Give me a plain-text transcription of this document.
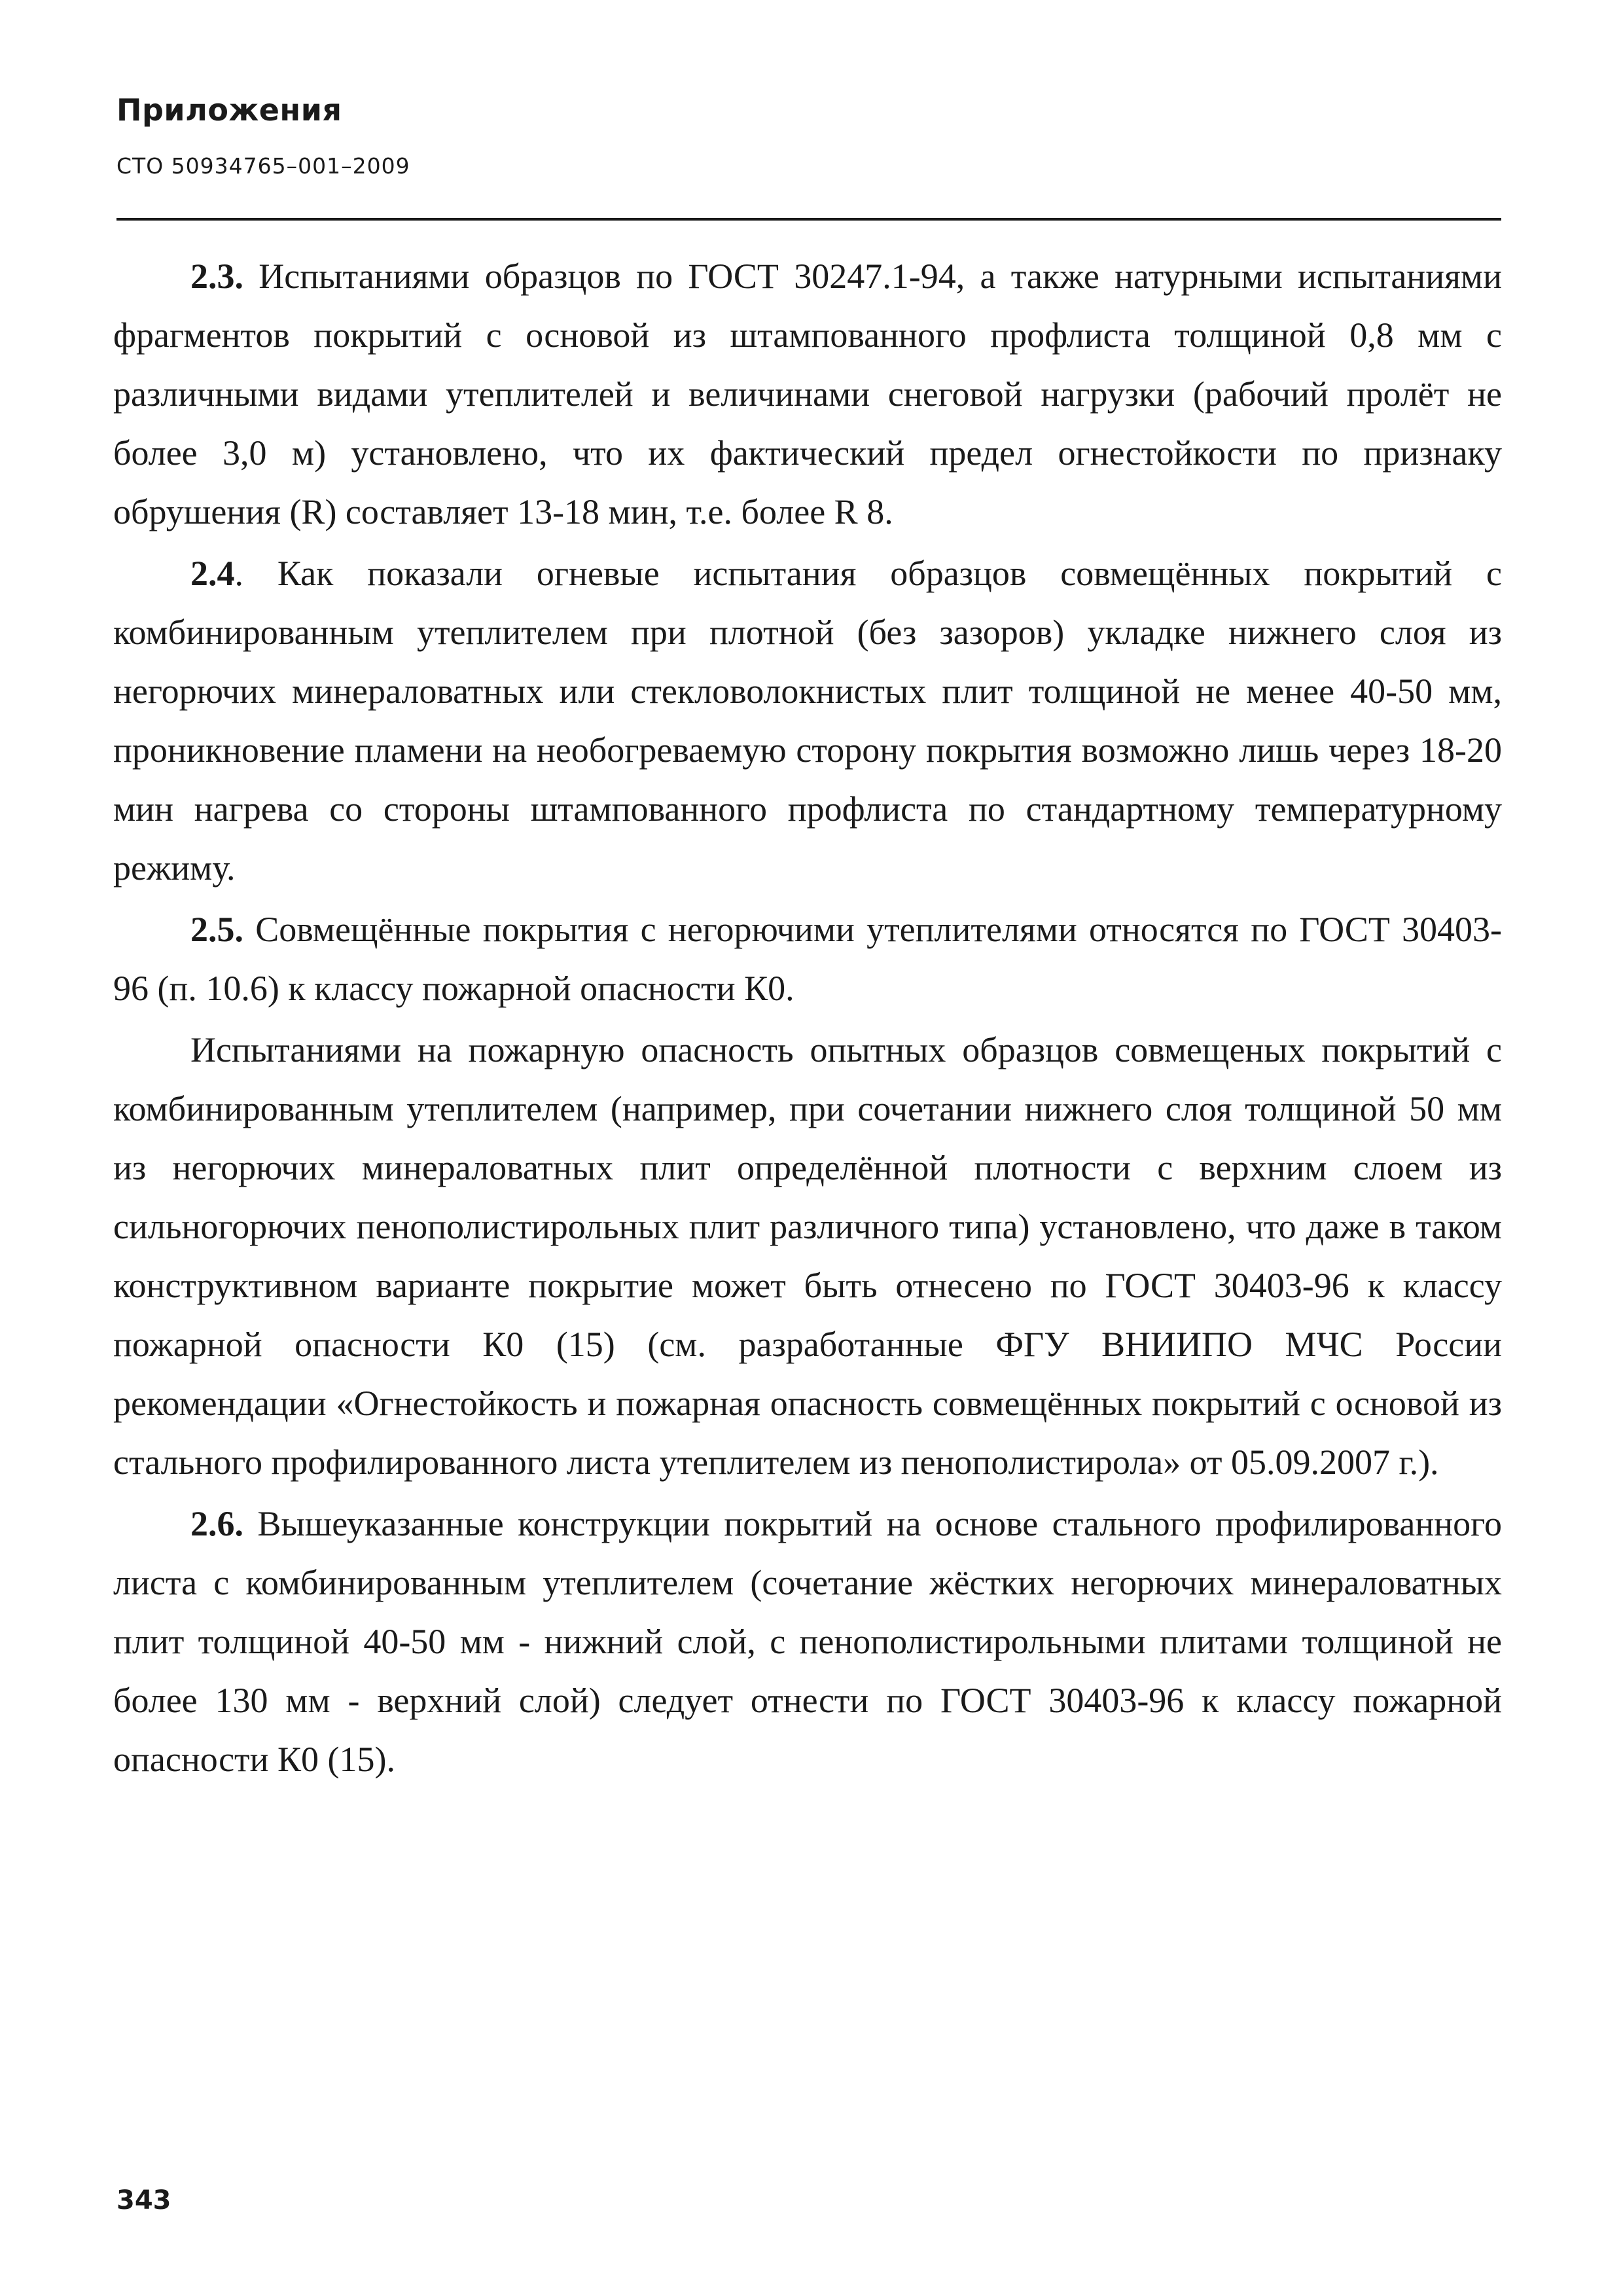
Приложения
СТО 50934765–001–2009

2.3. Испытаниями образцов по ГОСТ 30247.1-94, а также натурными испытаниями фрагментов покрытий с основой из штампованного профлиста толщиной 0,8 мм с различными видами утеплителей и величинами снеговой нагрузки (рабочий пролёт не более 3,0 м) установлено, что их фактический предел огнестойкости по признаку обрушения (R) составляет 13-18 мин, т.е. более R 8.

2.4. Как показали огневые испытания образцов совмещённых покрытий с комбинированным утеплителем при плотной (без зазоров) укладке нижнего слоя из негорючих минераловатных или стекловолокнистых плит толщиной не менее 40-50 мм, проникновение пламени на необогреваемую сторону покрытия возможно лишь через 18-20 мин нагрева со стороны штампованного профлиста по стандартному температурному режиму.

2.5. Совмещённые покрытия с негорючими утеплителями относятся по ГОСТ 30403-96 (п. 10.6) к классу пожарной опасности К0.

Испытаниями на пожарную опасность опытных образцов совмещеных покрытий с комбинированным утеплителем (например, при сочетании нижнего слоя толщиной 50 мм из негорючих минераловатных плит определённой плотности с верхним слоем из сильногорючих пенополистирольных плит различного типа) установлено, что даже в таком конструктивном варианте покрытие может быть отнесено по ГОСТ 30403-96 к классу пожарной опасности К0 (15) (см. разработанные ФГУ ВНИИПО МЧС России рекомендации «Огнестойкость и пожарная опасность совмещённых покрытий с основой из стального профилированного листа утеплителем из пенополистирола» от 05.09.2007 г.).

2.6. Вышеуказанные конструкции покрытий на основе стального профилированного листа с комбинированным утеплителем (сочетание жёстких негорючих минераловатных плит толщиной 40-50 мм - нижний слой, с пенополистирольными плитами толщиной не более 130 мм - верхний слой) следует отнести по ГОСТ 30403-96 к классу пожарной опасности К0 (15).

343
